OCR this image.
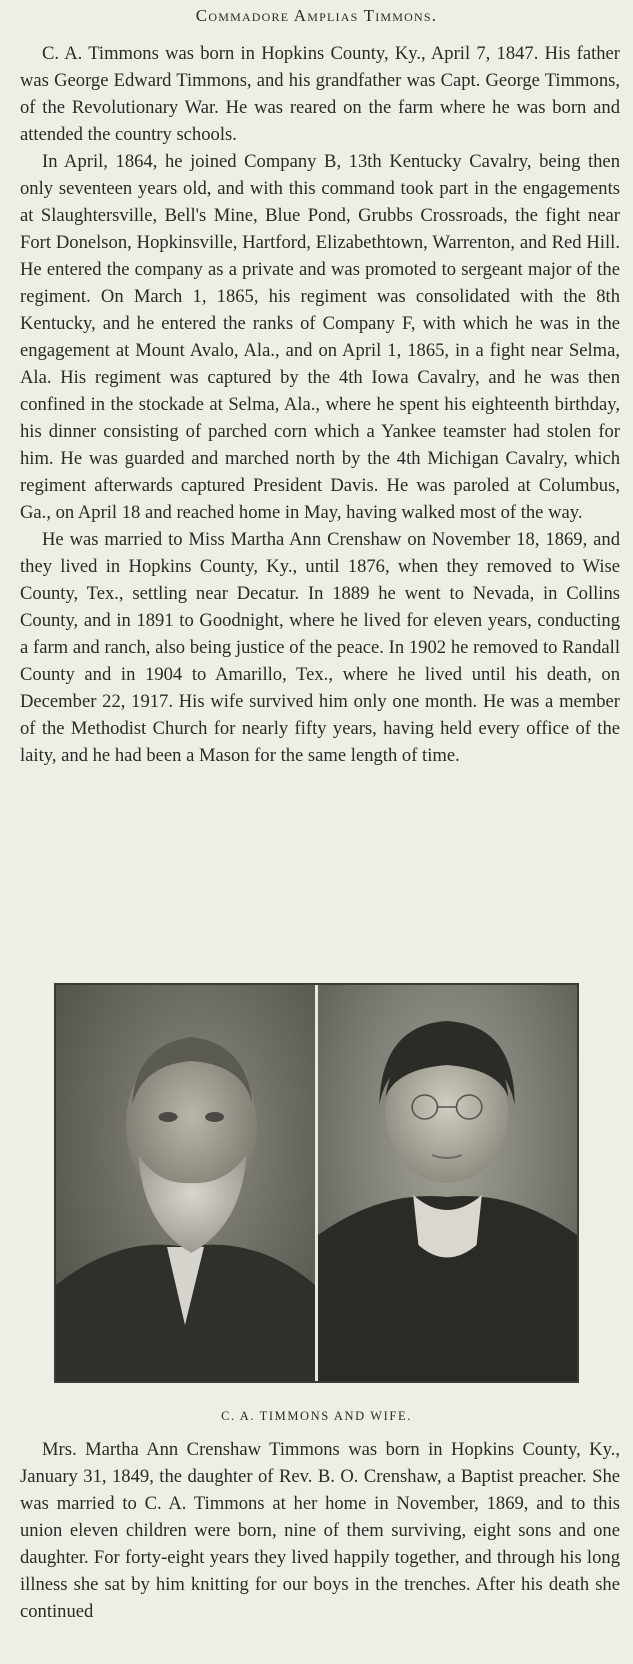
Commadore Amplias Timmons.

C. A. Timmons was born in Hopkins County, Ky., April 7, 1847. His father was George Edward Timmons, and his grandfather was Capt. George Timmons, of the Revolutionary War. He was reared on the farm where he was born and attended the country schools.

In April, 1864, he joined Company B, 13th Kentucky Cavalry, being then only seventeen years old, and with this command took part in the engagements at Slaughtersville, Bell's Mine, Blue Pond, Grubbs Crossroads, the fight near Fort Donelson, Hopkinsville, Hartford, Elizabethtown, Warrenton, and Red Hill. He entered the company as a private and was promoted to sergeant major of the regiment. On March 1, 1865, his regiment was consolidated with the 8th Kentucky, and he entered the ranks of Company F, with which he was in the engagement at Mount Avalo, Ala., and on April 1, 1865, in a fight near Selma, Ala. His regiment was captured by the 4th Iowa Cavalry, and he was then confined in the stockade at Selma, Ala., where he spent his eighteenth birthday, his dinner consisting of parched corn which a Yankee teamster had stolen for him. He was guarded and marched north by the 4th Michigan Cavalry, which regiment afterwards captured President Davis. He was paroled at Columbus, Ga., on April 18 and reached home in May, having walked most of the way.

He was married to Miss Martha Ann Crenshaw on November 18, 1869, and they lived in Hopkins County, Ky., until 1876, when they removed to Wise County, Tex., settling near Decatur. In 1889 he went to Nevada, in Collins County, and in 1891 to Goodnight, where he lived for eleven years, conducting a farm and ranch, also being justice of the peace. In 1902 he removed to Randall County and in 1904 to Amarillo, Tex., where he lived until his death, on December 22, 1917. His wife survived him only one month. He was a member of the Methodist Church for nearly fifty years, having held every office of the laity, and he had been a Mason for the same length of time.

C. A. TIMMONS AND WIFE.

Mrs. Martha Ann Crenshaw Timmons was born in Hopkins County, Ky., January 31, 1849, the daughter of Rev. B. O. Crenshaw, a Baptist preacher. She was married to C. A. Timmons at her home in November, 1869, and to this union eleven children were born, nine of them surviving, eight sons and one daughter. For forty-eight years they lived happily together, and through his long illness she sat by him knitting for our boys in the trenches. After his death she continued
